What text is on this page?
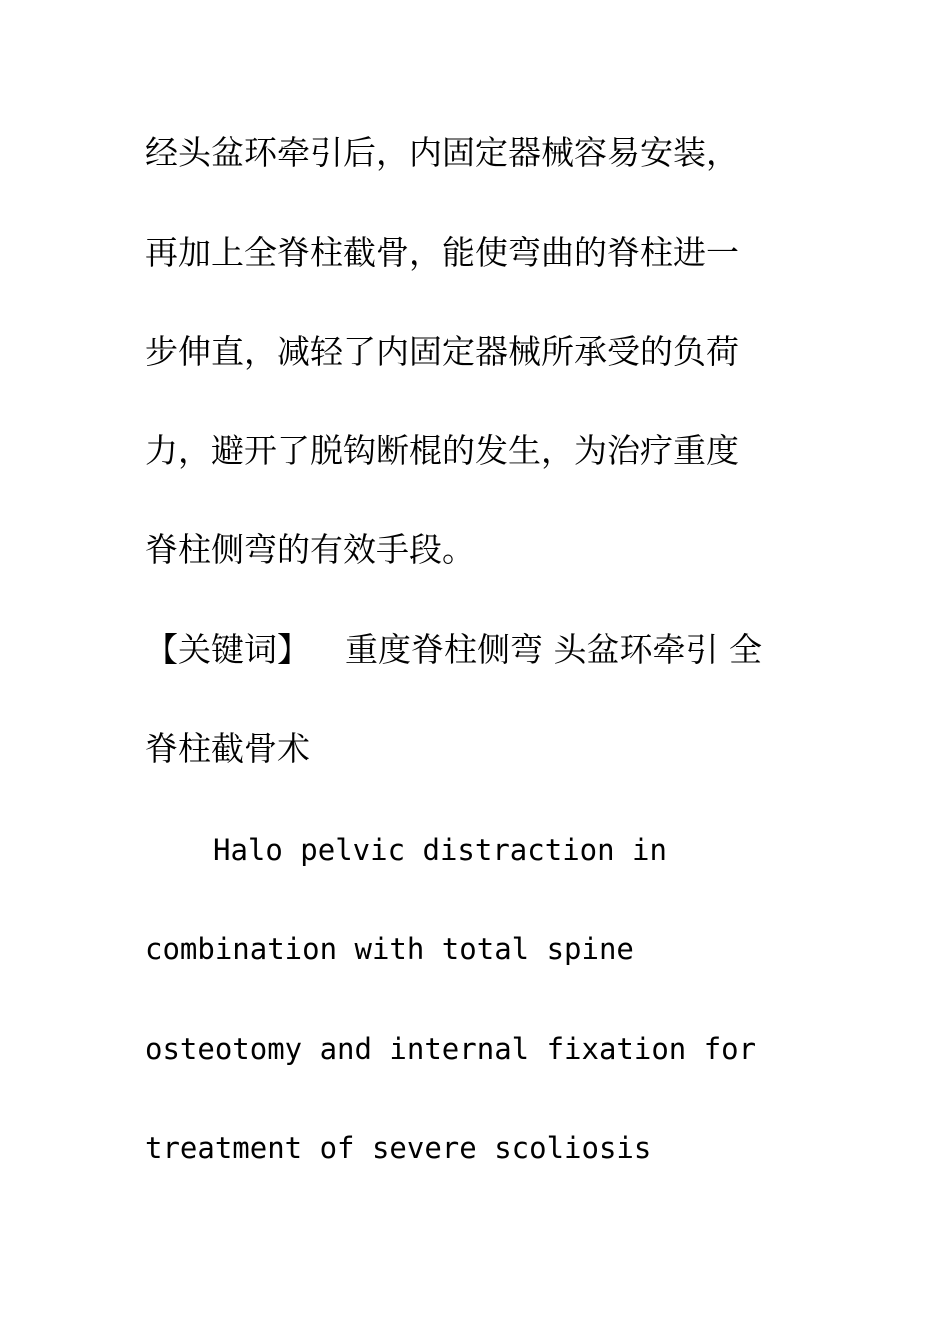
经头盆环牵引后，内固定器械容易安装，
再加上全脊柱截骨，能使弯曲的脊柱进一
步伸直，减轻了内固定器械所承受的负荷
力，避开了脱钩断棍的发生，为治疗重度
脊柱侧弯的有效手段。
【关键词】 重度脊柱侧弯 头盆环牵引 全
脊柱截骨术
Halo pelvic distraction in
combination with total spine
osteotomy and internal fixation for
treatment of severe scoliosis
